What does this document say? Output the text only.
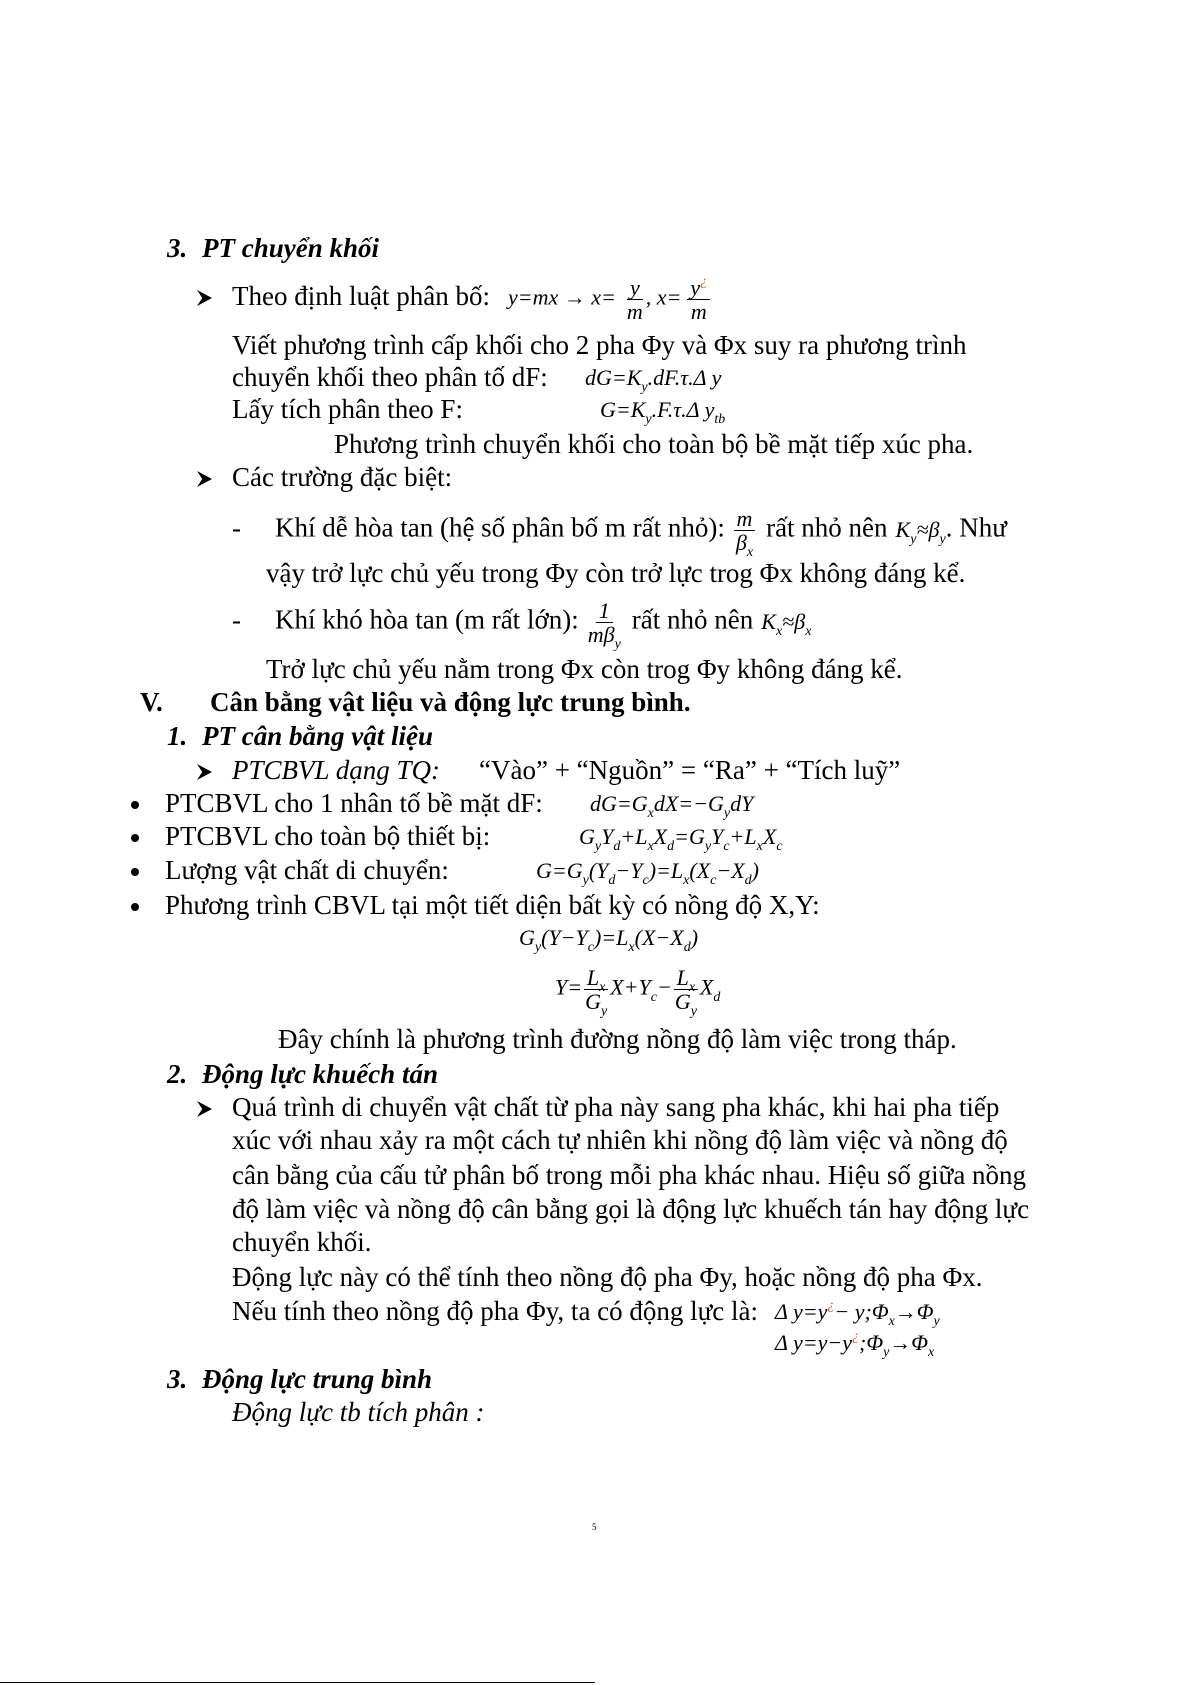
3. PT chuyển khối
Theo định luật phân bố: $y=mx \to x= \frac{y}{m}$ , $x= \frac{y^¿}{m}$
Viết phương trình cấp khối cho 2 pha Φy và Φx suy ra phương trình
chuyển khối theo phân tố dF: $dG=K_y.dF.\tau.\Delta$ y
Lấy tích phân theo F:	$G=K_y.F.\tau.\Delta$ $y_{tb}$
Phương trình chuyển khối cho toàn bộ bề mặt tiếp xúc pha.
Các trường đặc biệt:
- Khí dễ hòa tan (hệ số phân bố m rất nhỏ): $\frac{m}{\beta_x}$ rất nhỏ nên $K_y\approx\beta_y$. Như
vậy trở lực chủ yếu trong Φy còn trở lực trog Φx không đáng kể.
- Khí khó hòa tan (m rất lớn): $\frac{1}{m\beta_y}$ rất nhỏ nên $K_x\approx\beta_x$
Trở lực chủ yếu nằm trong Φx còn trog Φy không đáng kể.
V. Cân bằng vật liệu và động lực trung bình.
1. PT cân bằng vật liệu
PTCBVL dạng TQ: “Vào” + “Nguồn” = “Ra” + “Tích luỹ”
PTCBVL cho 1 nhân tố bề mặt dF: $dG=G_xdX=-G_ydY$
PTCBVL cho toàn bộ thiết bị:	$G_yY_d+L_xX_d=G_yY_c+L_xX_c$
Lượng vật chất di chuyển:	$G=G_y(Y_d-Y_c)=L_x(X_c-X_d)$
Phương trình CBVL tại một tiết diện bất kỳ có nồng độ X,Y:
$G_y(Y-Y_c)=L_x(X-X_d)$
$Y= \frac{L_x}{G_y} X+Y_c- \frac{L_x}{G_y} X_d$
Đây chính là phương trình đường nồng độ làm việc trong tháp.
2. Động lực khuếch tán
Quá trình di chuyển vật chất từ pha này sang pha khác, khi hai pha tiếp
xúc với nhau xảy ra một cách tự nhiên khi nồng độ làm việc và nồng độ
cân bằng của cấu tử phân bố trong mỗi pha khác nhau. Hiệu số giữa nồng
độ làm việc và nồng độ cân bằng gọi là động lực khuếch tán hay động lực
chuyển khối.
Động lực này có thể tính theo nồng độ pha Φy, hoặc nồng độ pha Φx.
Nếu tính theo nồng độ pha Φy, ta có động lực là: Δ $y=y^¿- y;\Phi_x\to\Phi_y$
Δ $y=y-y^¿;\Phi_y\to\Phi_x$
3. Động lực trung bình
Động lực tb tích phân :
5
